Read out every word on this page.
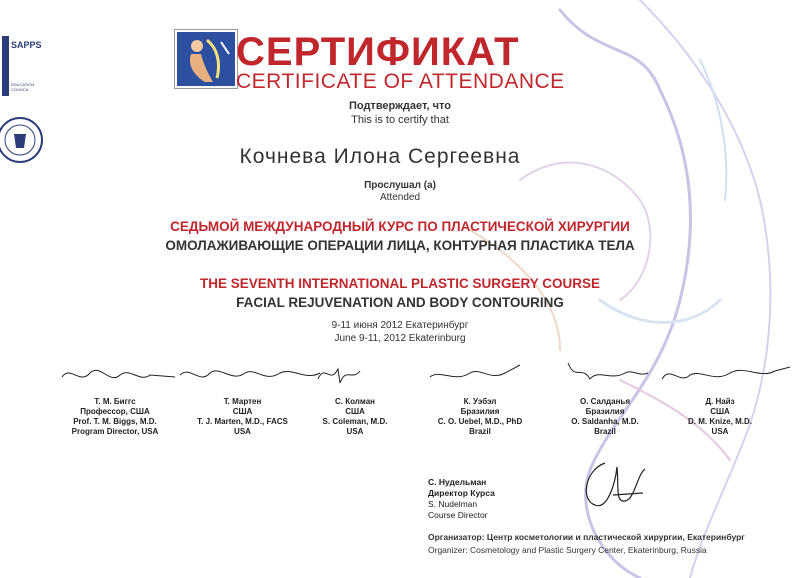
SAPPS
EDUCATION COUNCIL
СЕРТИФИКАТ
CERTIFICATE OF ATTENDANCE
Подтверждает, что
This is to certify that
Кочнева Илона Сергеевна
Прослушал (а)
Attended
СЕДЬМОЙ МЕЖДУНАРОДНЫЙ КУРС ПО ПЛАСТИЧЕСКОЙ ХИРУРГИИ
ОМОЛАЖИВАЮЩИЕ ОПЕРАЦИИ ЛИЦА, КОНТУРНАЯ ПЛАСТИКА ТЕЛА
THE SEVENTH INTERNATIONAL PLASTIC SURGERY COURSE
FACIAL REJUVENATION AND BODY CONTOURING
9-11 июня 2012 Екатеринбург
June 9-11, 2012 Ekaterinburg
Т. М. Биггс
Профессор, США
Prof. T. M. Biggs, M.D.
Program Director, USA
Т. Мартен
США
T. J. Marten, M.D., FACS
USA
С. Колман
США
S. Coleman, M.D.
USA
К. Уэбэл
Бразилия
C. O. Uebel, M.D., PhD
Brazil
О. Салданья
Бразилия
O. Saldanha, M.D.
Brazil
Д. Найз
США
D. M. Knize, M.D.
USA
С. Нудельман
Директор Курса
S. Nudelman
Course Director
Организатор: Центр косметологии и пластической хирургии, Екатеринбург
Organizer: Cosmetology and Plastic Surgery Center, Ekaterinburg, Russia
